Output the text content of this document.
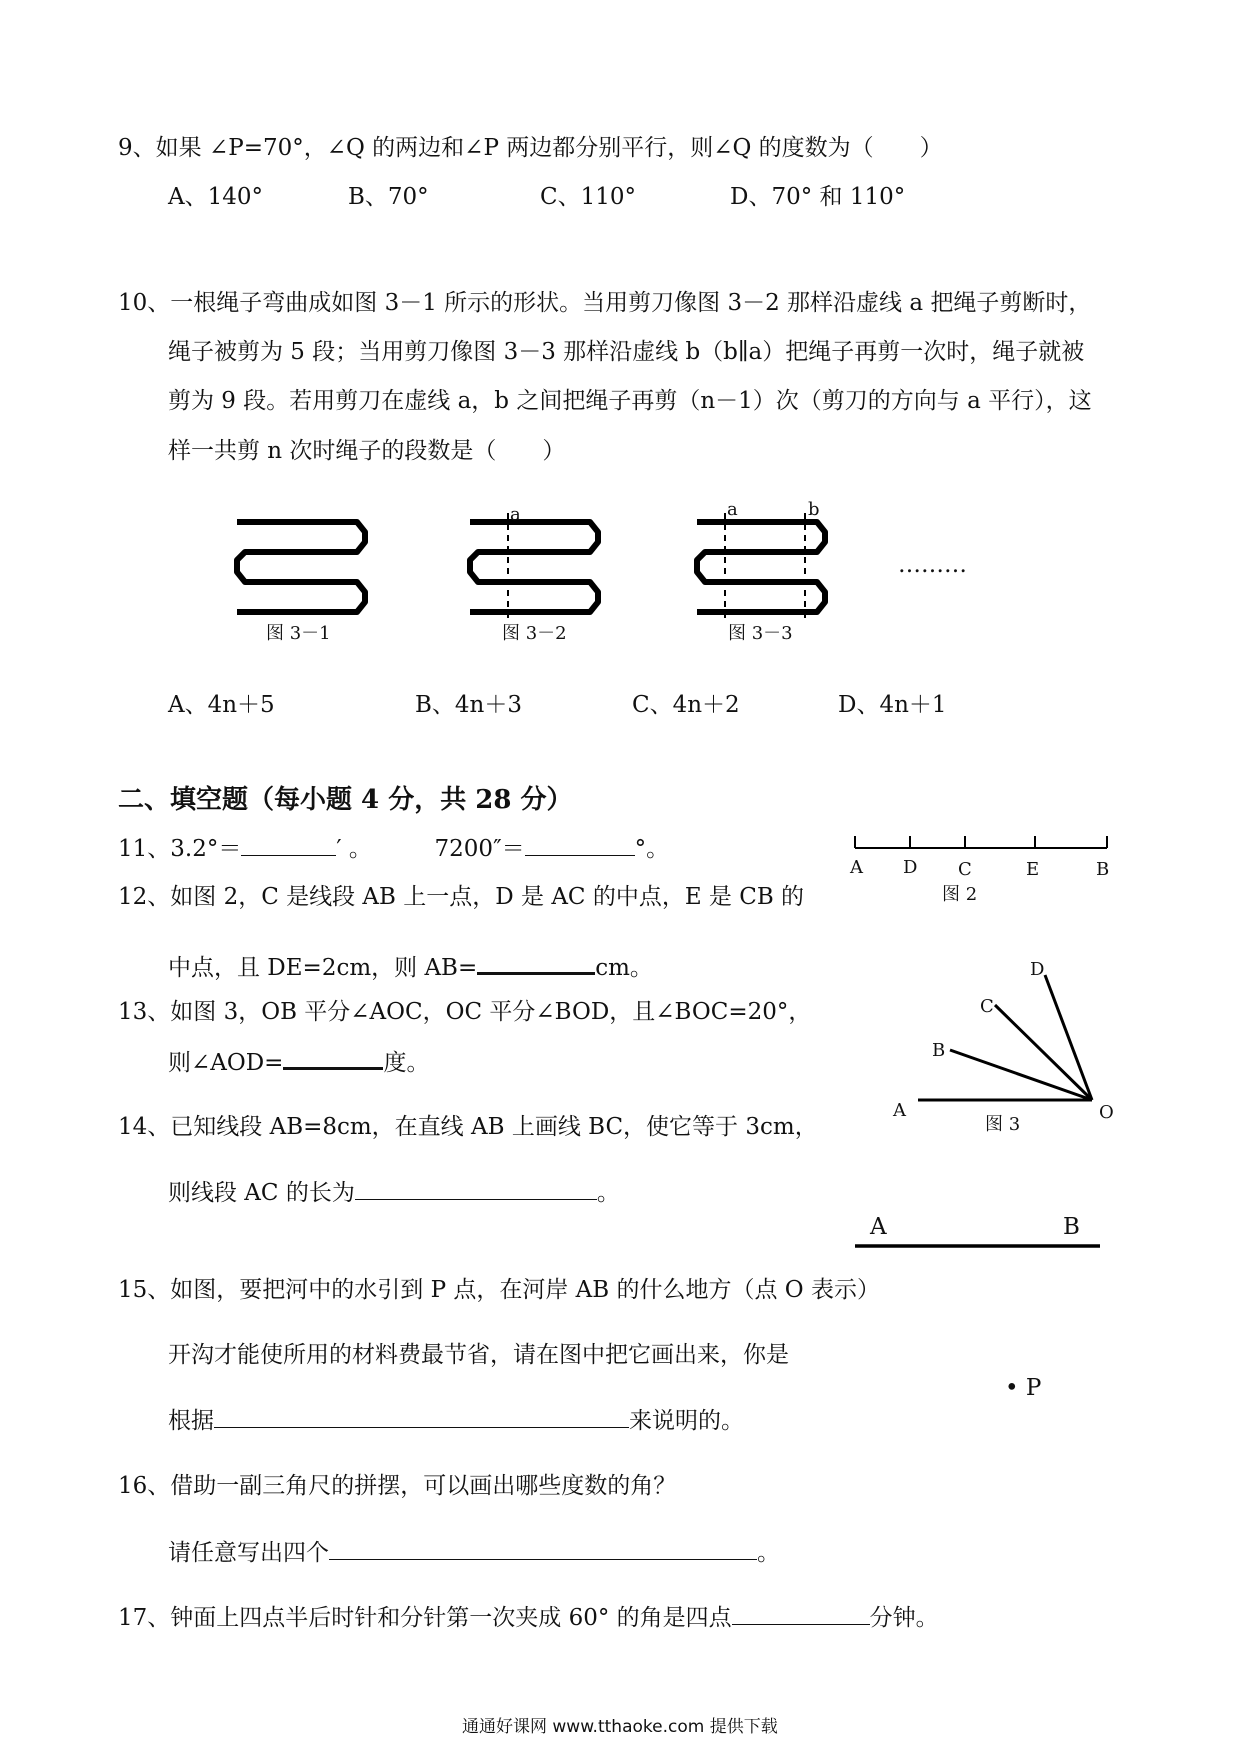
9、如果 ∠P=70°，∠Q 的两边和∠P 两边都分别平行，则∠Q 的度数为（　　）
A、140°	B、70°	C、110°	D、70° 和 110°
10、一根绳子弯曲成如图 3－1 所示的形状。当用剪刀像图 3－2 那样沿虚线 a 把绳子剪断时，
绳子被剪为 5 段；当用剪刀像图 3－3 那样沿虚线 b（b∥a）把绳子再剪一次时，绳子就被
剪为 9 段。若用剪刀在虚线 a，b 之间把绳子再剪（n－1）次（剪刀的方向与 a 平行），这
样一共剪 n 次时绳子的段数是（　　）
图 3－1	图 3－2	图 3－3
a	a	b
………
A、4n＋5	B、4n＋3	C、4n＋2	D、4n＋1
二、填空题（每小题 4 分，共 28 分）
11、3.2°＝	′ 。	7200″＝	°。
A D C	E	B
图 2
12、如图 2，C 是线段 AB 上一点，D 是 AC 的中点，E 是 CB 的
中点，且 DE=2cm，则 AB=	cm。	D
C
B
A	O
图 3
13、如图 3，OB 平分∠AOC，OC 平分∠BOD，且∠BOC=20°，
则∠AOD=	度。
14、已知线段 AB=8cm，在直线 AB 上画线 BC，使它等于 3cm，
则线段 AC 的长为	。
A	B
• P
15、如图，要把河中的水引到 P 点，在河岸 AB 的什么地方（点 O 表示）
开沟才能使所用的材料费最节省，请在图中把它画出来，你是
根据	来说明的。
16、借助一副三角尺的拼摆，可以画出哪些度数的角？
请任意写出四个	。
17、钟面上四点半后时针和分针第一次夹成 60° 的角是四点	分钟。
通通好课网 www.tthaoke.com 提供下载
